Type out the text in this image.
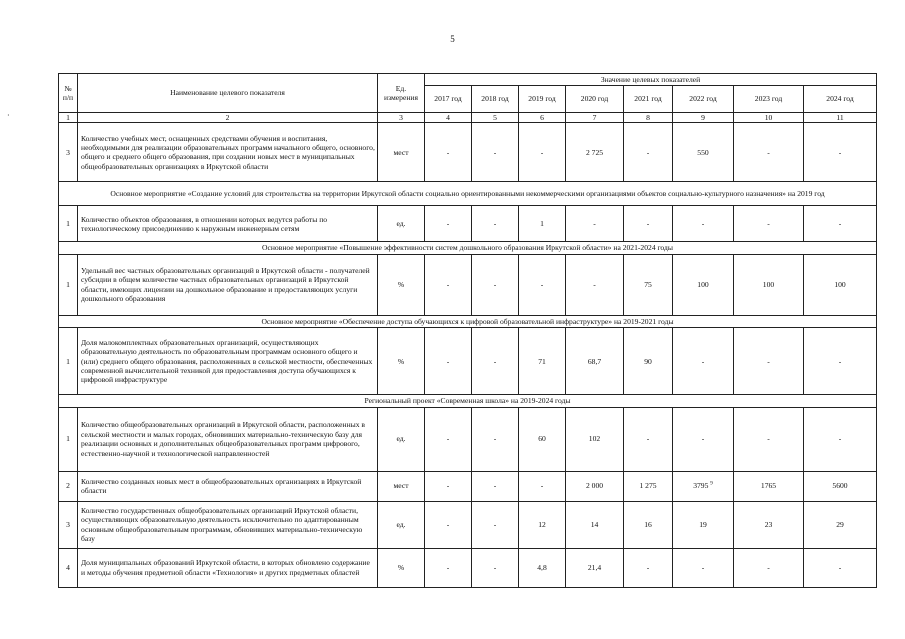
5
·
№ п/п	Наименование целевого показателя	Ед. измерения	Значение целевых показателей							
			2017 год	2018 год	2019 год	2020 год	2021 год	2022 год	2023 год	2024 год
1	2	3	4	5	6	7	8	9	10	11
3	Количество учебных мест, оснащенных средствами обучения и воспитания, необходимыми для реализации образовательных программ начального общего, основного, общего и среднего общего образования, при создании новых мест в муниципальных общеобразовательных организациях в Иркутской области	мест	-	-	-	2 725	-	550	-	-
Основное мероприятие «Создание условий для строительства на территории Иркутской области социально ориентированными некоммерческими организациями объектов социально-культурного назначения» на 2019 год										
1	Количество объектов образования, в отношении которых ведутся работы по технологическому присоединению к наружным инженерным сетям	ед.	-	-	1	-	-	-	-	-
Основное мероприятие «Повышение эффективности систем дошкольного образования Иркутской области» на 2021-2024 годы										
1	Удельный вес частных образовательных организаций в Иркутской области - получателей субсидии в общем количестве частных образовательных организаций в Иркутской области, имеющих лицензии на дошкольное образование и предоставляющих услуги дошкольного образования	%	-	-	-	-	75	100	100	100
Основное мероприятие «Обеспечение доступа обучающихся к цифровой образовательной инфраструктуре» на 2019-2021 годы										
1	Доля малокомплектных образовательных организаций, осуществляющих образовательную деятельность по образовательным программам основного общего и (или) среднего общего образования, расположенных в сельской местности, обеспеченных современной вычислительной техникой для предоставления доступа обучающихся к цифровой инфраструктуре	%	-	-	71	68,7	90	-	-	-
Региональный проект «Современная школа» на 2019-2024 годы										
1	Количество общеобразовательных организаций в Иркутской области, расположенных в сельской местности и малых городах, обновивших материально-техническую базу для реализации основных и дополнительных общеобразовательных программ цифрового, естественно-научной и технологической направленностей	ед.	-	-	60	102	-	-	-	-
2	Количество созданных новых мест в общеобразовательных организациях в Иркутской области	мест	-	-	-	2 000	1 275	3795 $^9$	1765	5600
3	Количество государственных общеобразовательных организаций Иркутской области, осуществляющих образовательную деятельность исключительно по адаптированным основным общеобразовательным программам, обновивших материально-техническую базу	ед.	-	-	12	14	16	19	23	29
4	Доля муниципальных образований Иркутской области, в которых обновлено содержание и методы обучения предметной области «Технология» и других предметных областей	%	-	-	4,8	21,4	-	-	-	-
